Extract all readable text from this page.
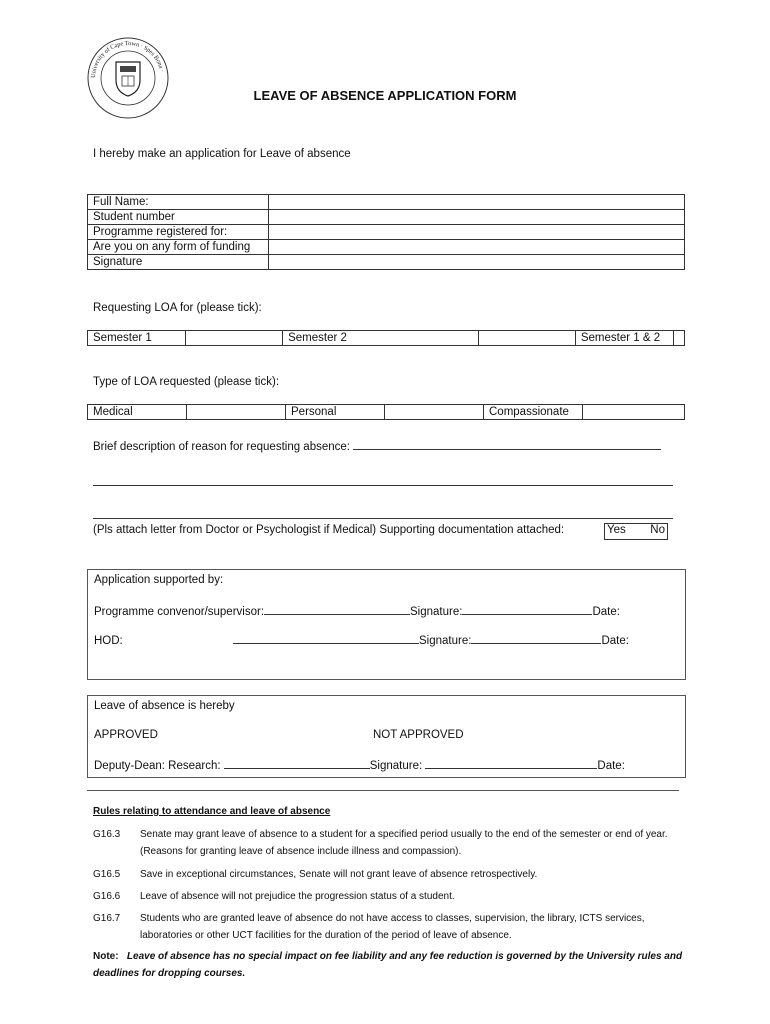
University of Cape Town · Spes Bona ·
LEAVE OF ABSENCE APPLICATION FORM
I hereby make an application for Leave of absence
Full Name:	
Student number	
Programme registered for:	
Are you on any form of funding	
Signature	
Requesting LOA for (please tick):
Semester 1		Semester 2		Semester 1 & 2	
Type of LOA requested (please tick):
Medical		Personal		Compassionate	
Brief description of reason for requesting absence:
(Pls attach letter from Doctor or Psychologist if Medical) Supporting documentation attached:	Yes No
Application supported by:
Programme convenor/supervisor:	Signature:	Date:
HOD:	Signature:	Date:
Leave of absence is hereby
APPROVED	NOT APPROVED
Deputy-Dean: Research:	Signature:	Date:
Rules relating to attendance and leave of absence
G16.3 Senate may grant leave of absence to a student for a specified period usually to the end of the semester or end of year. (Reasons for granting leave of absence include illness and compassion).
G16.5 Save in exceptional circumstances, Senate will not grant leave of absence retrospectively.
G16.6 Leave of absence will not prejudice the progression status of a student.
G16.7 Students who are granted leave of absence do not have access to classes, supervision, the library, ICTS services, laboratories or other UCT facilities for the duration of the period of leave of absence.
Note: Leave of absence has no special impact on fee liability and any fee reduction is governed by the University rules and deadlines for dropping courses.
